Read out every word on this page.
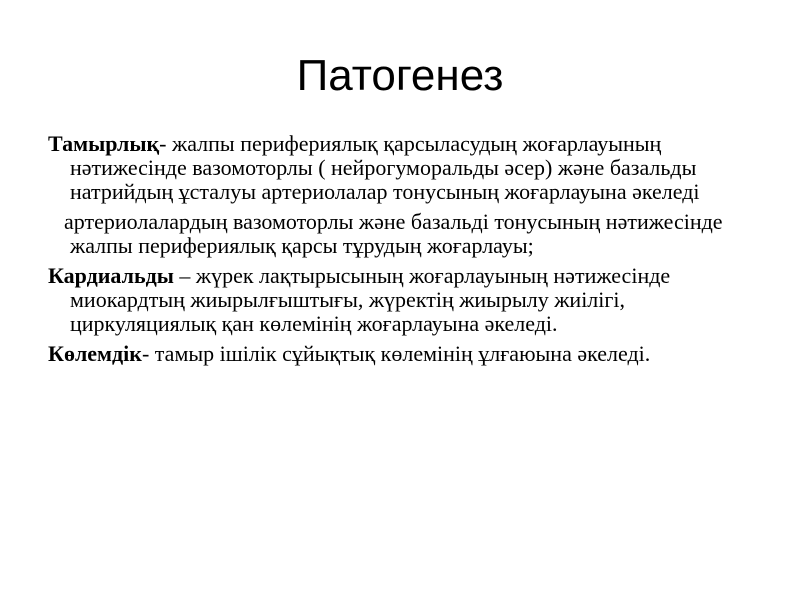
Патогенез

Тамырлық- жалпы перифериялық қарсыласудың жоғарлауының нәтижесінде вазомоторлы ( нейрогуморальды әсер) және базальды натрийдың ұсталуы артериолалар тонусының жоғарлауына әкеледі

артериолалардың вазомоторлы және базальді тонусының нәтижесінде жалпы перифериялық қарсы тұрудың жоғарлауы;

Кардиальды – жүрек лақтырысының жоғарлауының нәтижесінде миокардтың жиырылғыштығы, жүректің жиырылу жиілігі, циркуляциялық қан көлемінің жоғарлауына әкеледі.

Көлемдік- тамыр ішілік сұйықтық көлемінің ұлғаюына әкеледі.
